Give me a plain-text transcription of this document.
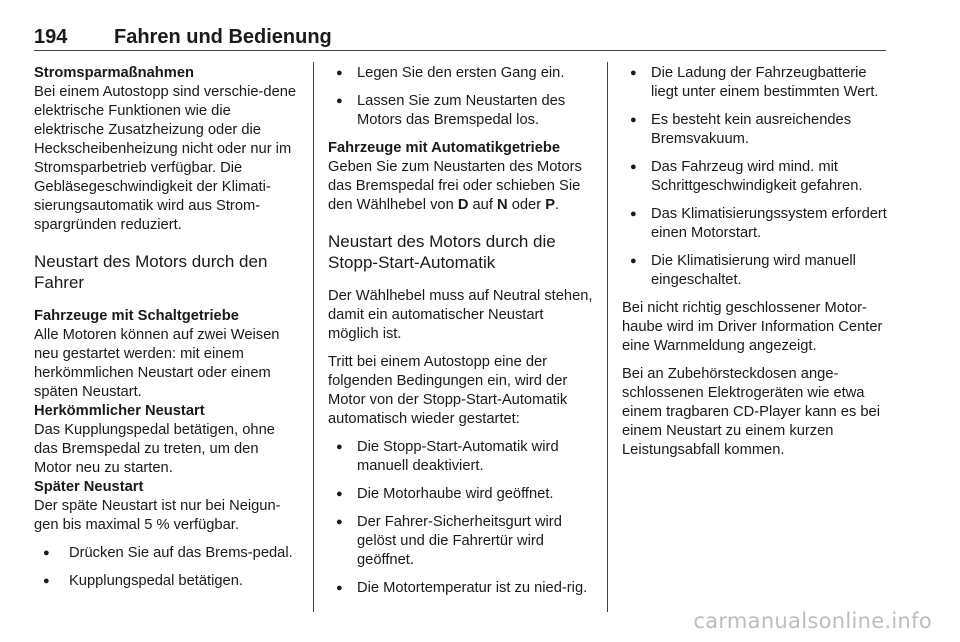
194 Fahren und Bedienung
Stromsparmaßnahmen

Bei einem Autostopp sind verschie-dene elektrische Funktionen wie die elektrische Zusatzheizung oder die Heckscheibenheizung nicht oder nur im Stromsparbetrieb verfügbar. Die Gebläsegeschwindigkeit der Klimati-sierungsautomatik wird aus Strom-spargründen reduziert.

Neustart des Motors durch den Fahrer
Fahrzeuge mit Schaltgetriebe

Alle Motoren können auf zwei Weisen neu gestartet werden: mit einem herkömmlichen Neustart oder einem späten Neustart.

Herkömmlicher Neustart

Das Kupplungspedal betätigen, ohne das Bremspedal zu treten, um den Motor neu zu starten.

Später Neustart

Der späte Neustart ist nur bei Neigun-gen bis maximal 5 % verfügbar.

● Drücken Sie auf das Brems-pedal.
● Kupplungspedal betätigen.
● Legen Sie den ersten Gang ein.
● Lassen Sie zum Neustarten des Motors das Bremspedal los.
Fahrzeuge mit Automatikgetriebe

Geben Sie zum Neustarten des Motors das Bremspedal frei oder schieben Sie den Wählhebel von D auf N oder P.

Neustart des Motors durch die Stopp-Start-Automatik

Der Wählhebel muss auf Neutral stehen, damit ein automatischer Neustart möglich ist.

Tritt bei einem Autostopp eine der folgenden Bedingungen ein, wird der Motor von der Stopp-Start-Automatik automatisch wieder gestartet:

● Die Stopp-Start-Automatik wird manuell deaktiviert.
● Die Motorhaube wird geöffnet.
● Der Fahrer-Sicherheitsgurt wird gelöst und die Fahrertür wird geöffnet.
● Die Motortemperatur ist zu nied-rig.
● Die Ladung der Fahrzeugbatterie liegt unter einem bestimmten Wert.
● Es besteht kein ausreichendes Bremsvakuum.
● Das Fahrzeug wird mind. mit Schrittgeschwindigkeit gefahren.
● Das Klimatisierungssystem erfordert einen Motorstart.
● Die Klimatisierung wird manuell eingeschaltet.

Bei nicht richtig geschlossener Motor-haube wird im Driver Information Center eine Warnmeldung angezeigt.

Bei an Zubehörsteckdosen ange-schlossenen Elektrogeräten wie etwa einem tragbaren CD-Player kann es bei einem Neustart zu einem kurzen Leistungsabfall kommen.

carmanualsonline.info
